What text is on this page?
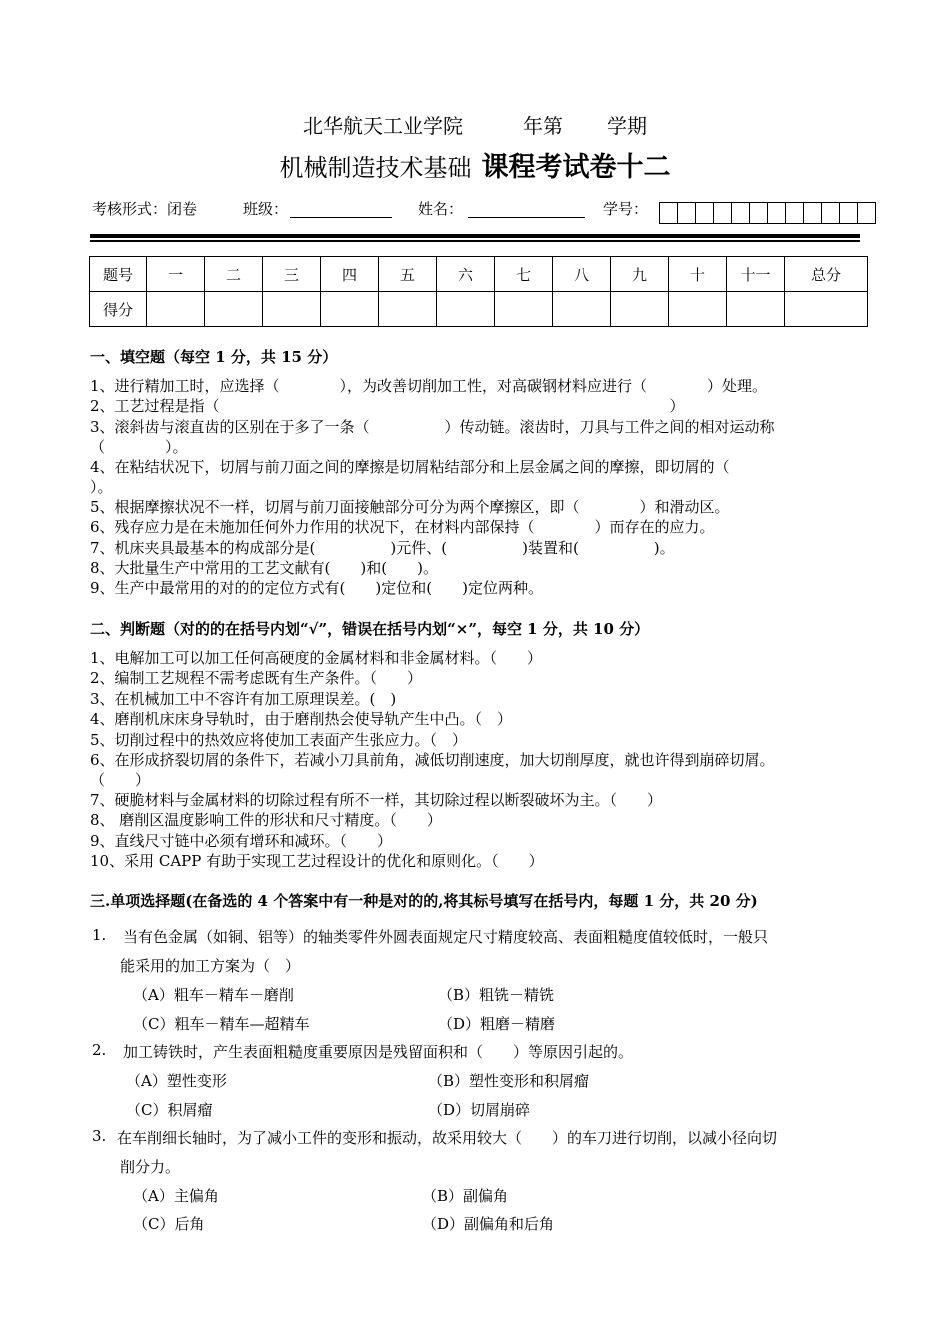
北华航天工业学院	年第 学期
机械制造技术基础 课程考试卷十二
考核形式：闭卷	班级：	姓名：	学号：
题号	一	二	三	四	五	六	七	八	九	十	十一	总分
得分												
一、填空题（每空 1 分，共 15 分）
1、进行精加工时，应选择（　　　　），为改善切削加工性，对高碳钢材料应进行（　　　　）处理。
2、工艺过程是指（　　　　　　　　　　　　　　　　　　　　　　　　　　　　　　）
3、滚斜齿与滚直齿的区别在于多了一条（　　　　　）传动链。滚齿时，刀具与工件之间的相对运动称
（　　　　）。
4、在粘结状况下，切屑与前刀面之间的摩擦是切屑粘结部分和上层金属之间的摩擦，即切屑的（
）。
5、根据摩擦状况不一样，切屑与前刀面接触部分可分为两个摩擦区，即（　　　　）和滑动区。
6、残存应力是在未施加任何外力作用的状况下，在材料内部保持（　　　　）而存在的应力。
7、机床夹具最基本的构成部分是(　　　　　)元件、(　　　　　)装置和(　　　　　)。
8、大批量生产中常用的工艺文献有(　　)和(　　)。
9、生产中最常用的对的的定位方式有(　　)定位和(　　)定位两种。
二、判断题（对的的在括号内划“√”，错误在括号内划“×”，每空 1 分，共 10 分）
1、电解加工可以加工任何高硬度的金属材料和非金属材料。（　　）
2、编制工艺规程不需考虑既有生产条件。（　　）
3、在机械加工中不容许有加工原理误差。(　)
4、磨削机床床身导轨时，由于磨削热会使导轨产生中凸。（　）
5、切削过程中的热效应将使加工表面产生张应力。（　）
6、在形成挤裂切屑的条件下，若减小刀具前角，减低切削速度，加大切削厚度，就也许得到崩碎切屑。
（　　）
7、硬脆材料与金属材料的切除过程有所不一样，其切除过程以断裂破坏为主。（　　）
8、 磨削区温度影响工件的形状和尺寸精度。（　　）
9、直线尺寸链中必须有增环和减环。（　　）
10、采用 CAPP 有助于实现工艺过程设计的优化和原则化。（　　）
三.单项选择题(在备选的 4 个答案中有一种是对的的,将其标号填写在括号内，每题 1 分，共 20 分)
1. 当有色金属（如铜、铝等）的轴类零件外圆表面规定尺寸精度较高、表面粗糙度值较低时，一般只
能采用的加工方案为（　）
（A）粗车－精车－磨削	（B）粗铣－精铣
（C）粗车－精车—超精车	（D）粗磨－精磨
2. 加工铸铁时，产生表面粗糙度重要原因是残留面积和（　　）等原因引起的。
（A）塑性变形	（B）塑性变形和积屑瘤
（C）积屑瘤	（D）切屑崩碎
3. 在车削细长轴时，为了减小工件的变形和振动，故采用较大（　　）的车刀进行切削，以减小径向切
削分力。
（A）主偏角	（B）副偏角
（C）后角	（D）副偏角和后角
